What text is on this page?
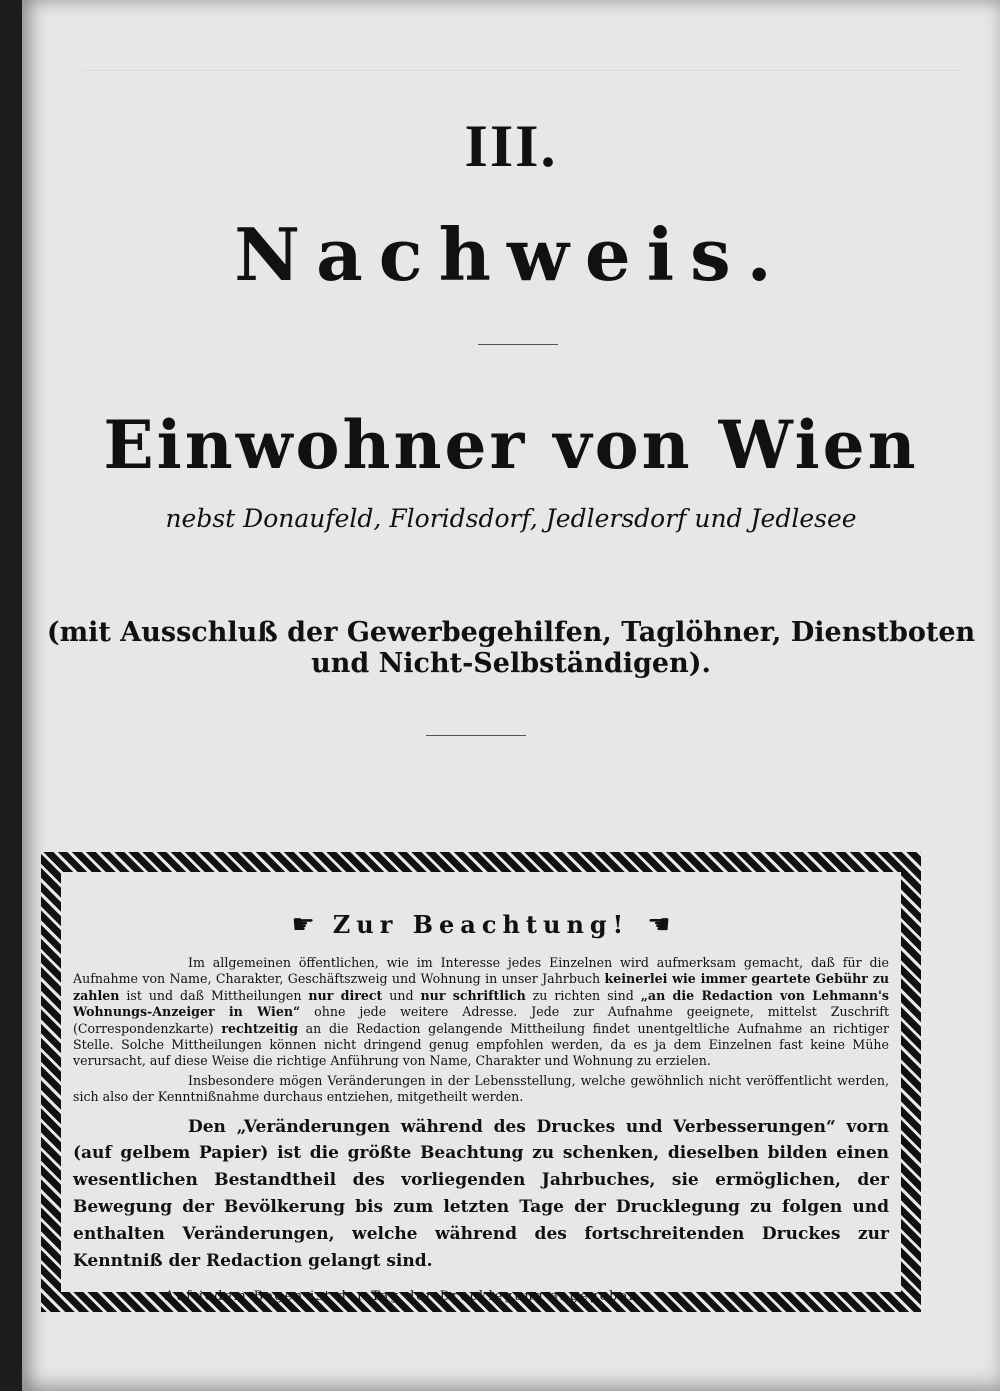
III.
Nachweis.
Einwohner von Wien
nebst Donaufeld, Floridsdorf, Jedlersdorf und Jedlesee
(mit Ausschluß der Gewerbegehilfen, Taglöhner, Dienstboten und Nicht-Selbständigen).
☛ Zur Beachtung! ☚

Im allgemeinen öffentlichen, wie im Interesse jedes Einzelnen wird aufmerksam gemacht, daß für die Aufnahme von Name, Charakter, Geschäftszweig und Wohnung in unser Jahrbuch keinerlei wie immer geartete Gebühr zu zahlen ist und daß Mittheilungen nur direct und nur schriftlich zu richten sind „an die Redaction von Lehmann's Wohnungs-Anzeiger in Wien“ ohne jede weitere Adresse. Jede zur Aufnahme geeignete, mittelst Zuschrift (Correspondenzkarte) rechtzeitig an die Redaction gelangende Mittheilung findet unentgeltliche Aufnahme an richtiger Stelle. Solche Mittheilungen können nicht dringend genug empfohlen werden, da es ja dem Einzelnen fast keine Mühe verursacht, auf diese Weise die richtige Anführung von Name, Charakter und Wohnung zu erzielen.

Insbesondere mögen Veränderungen in der Lebensstellung, welche gewöhnlich nicht veröffentlicht werden, sich also der Kenntnißnahme durchaus entziehen, mitgetheilt werden.

Den „Veränderungen während des Druckes und Verbesserungen“ vorn (auf gelbem Papier) ist die größte Beachtung zu schenken, dieselben bilden einen wesentlichen Bestandtheil des vorliegenden Jahrbuches, sie ermöglichen, der Bewegung der Bevölkerung bis zum letzten Tage der Drucklegung zu folgen und enthalten Veränderungen, welche während des fortschreitenden Druckes zur Kenntniß der Redaction gelangt sind.

Auf jedem Bogen ist der Tag der Drucklegung angegeben.
